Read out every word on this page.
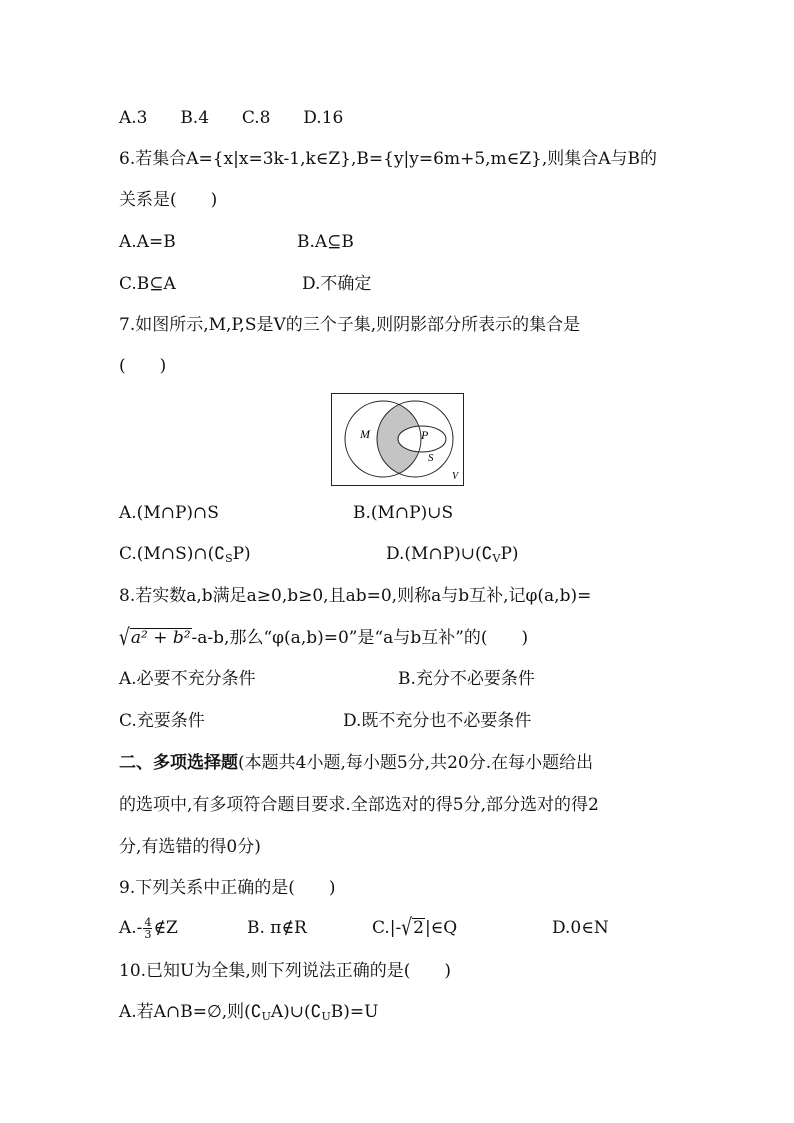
A.3 B.4 C.8 D.16
6.若集合A={x|x=3k-1,k∈Z},B={y|y=6m+5,m∈Z},则集合A与B的
关系是(　　)
A.A=B	B.A⊆B
C.B⊆A	D.不确定
7.如图所示,M,P,S是V的三个子集,则阴影部分所表示的集合是
(　　)
M	P
S
V
A.(M∩P)∩S	B.(M∩P)∪S
$C.(M\cap S)\cap(∁_SP)$	$D.(M\cap P)\cup(∁_VP)$
8.若实数a,b满足a≥0,b≥0,且ab=0,则称a与b互补,记φ(a,b)=
√a² + b²-a-b,那么“φ(a,b)=0”是“a与b互补”的(　　)
A.必要不充分条件	B.充分不必要条件
C.充要条件	D.既不充分也不必要条件
二、多项选择题(本题共4小题,每小题5分,共20分.在每小题给出
的选项中,有多项符合题目要求.全部选对的得5分,部分选对的得2
分,有选错的得0分)
9.下列关系中正确的是(　　)
$A.- \frac{4}{3}$ ∉Z	B. π∉R	C.|-√2|∈Q	D.0∈N
10.已知U为全集,则下列说法正确的是(　　)
A.若A∩B=∅,则$(∁_UA)\cup(∁_UB)=U$
